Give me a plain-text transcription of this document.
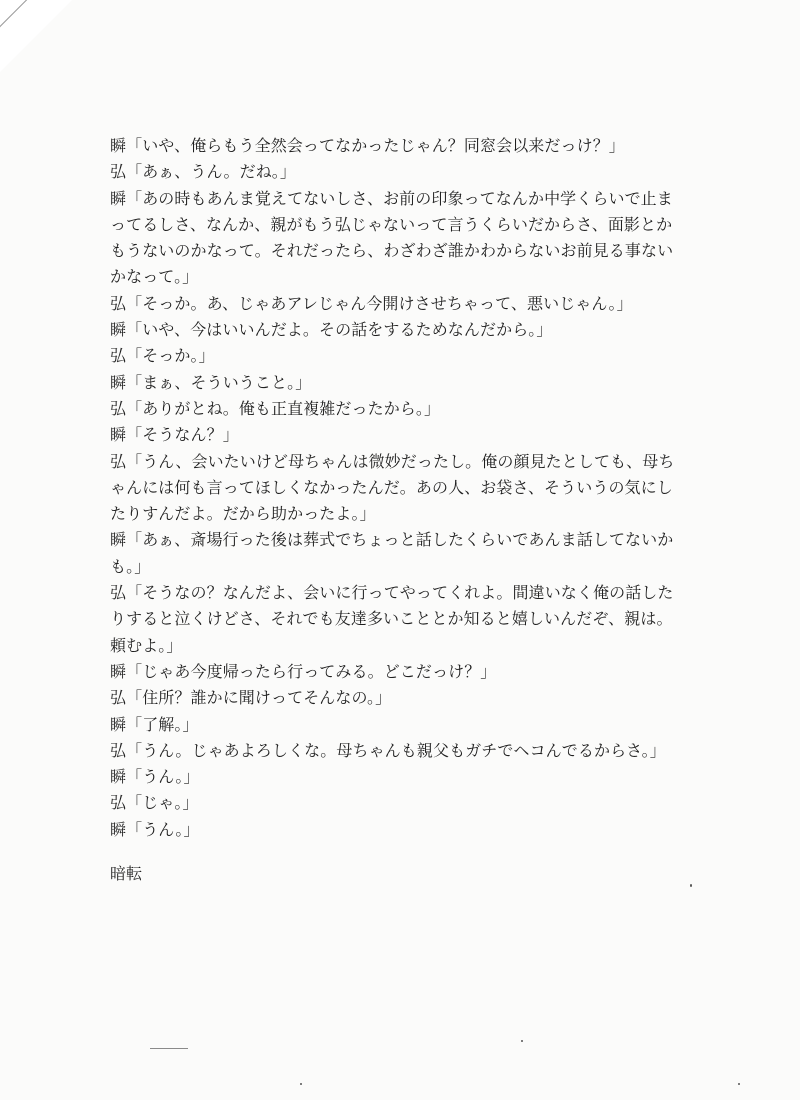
瞬「いや、俺らもう全然会ってなかったじゃん？同窓会以来だっけ？」
弘「あぁ、うん。だね。」
瞬「あの時もあんま覚えてないしさ、お前の印象ってなんか中学くらいで止ま
ってるしさ、なんか、親がもう弘じゃないって言うくらいだからさ、面影とか
もうないのかなって。それだったら、わざわざ誰かわからないお前見る事ない
かなって。」
弘「そっか。あ、じゃあアレじゃん今開けさせちゃって、悪いじゃん。」
瞬「いや、今はいいんだよ。その話をするためなんだから。」
弘「そっか。」
瞬「まぁ、そういうこと。」
弘「ありがとね。俺も正直複雑だったから。」
瞬「そうなん？」
弘「うん、会いたいけど母ちゃんは微妙だったし。俺の顔見たとしても、母ち
ゃんには何も言ってほしくなかったんだ。あの人、お袋さ、そういうの気にし
たりすんだよ。だから助かったよ。」
瞬「あぁ、斎場行った後は葬式でちょっと話したくらいであんま話してないか
も。」
弘「そうなの？なんだよ、会いに行ってやってくれよ。間違いなく俺の話した
りすると泣くけどさ、それでも友達多いこととか知ると嬉しいんだぞ、親は。
頼むよ。」
瞬「じゃあ今度帰ったら行ってみる。どこだっけ？」
弘「住所？誰かに聞けってそんなの。」
瞬「了解。」
弘「うん。じゃあよろしくな。母ちゃんも親父もガチでヘコんでるからさ。」
瞬「うん。」
弘「じゃ。」
瞬「うん。」
暗転
